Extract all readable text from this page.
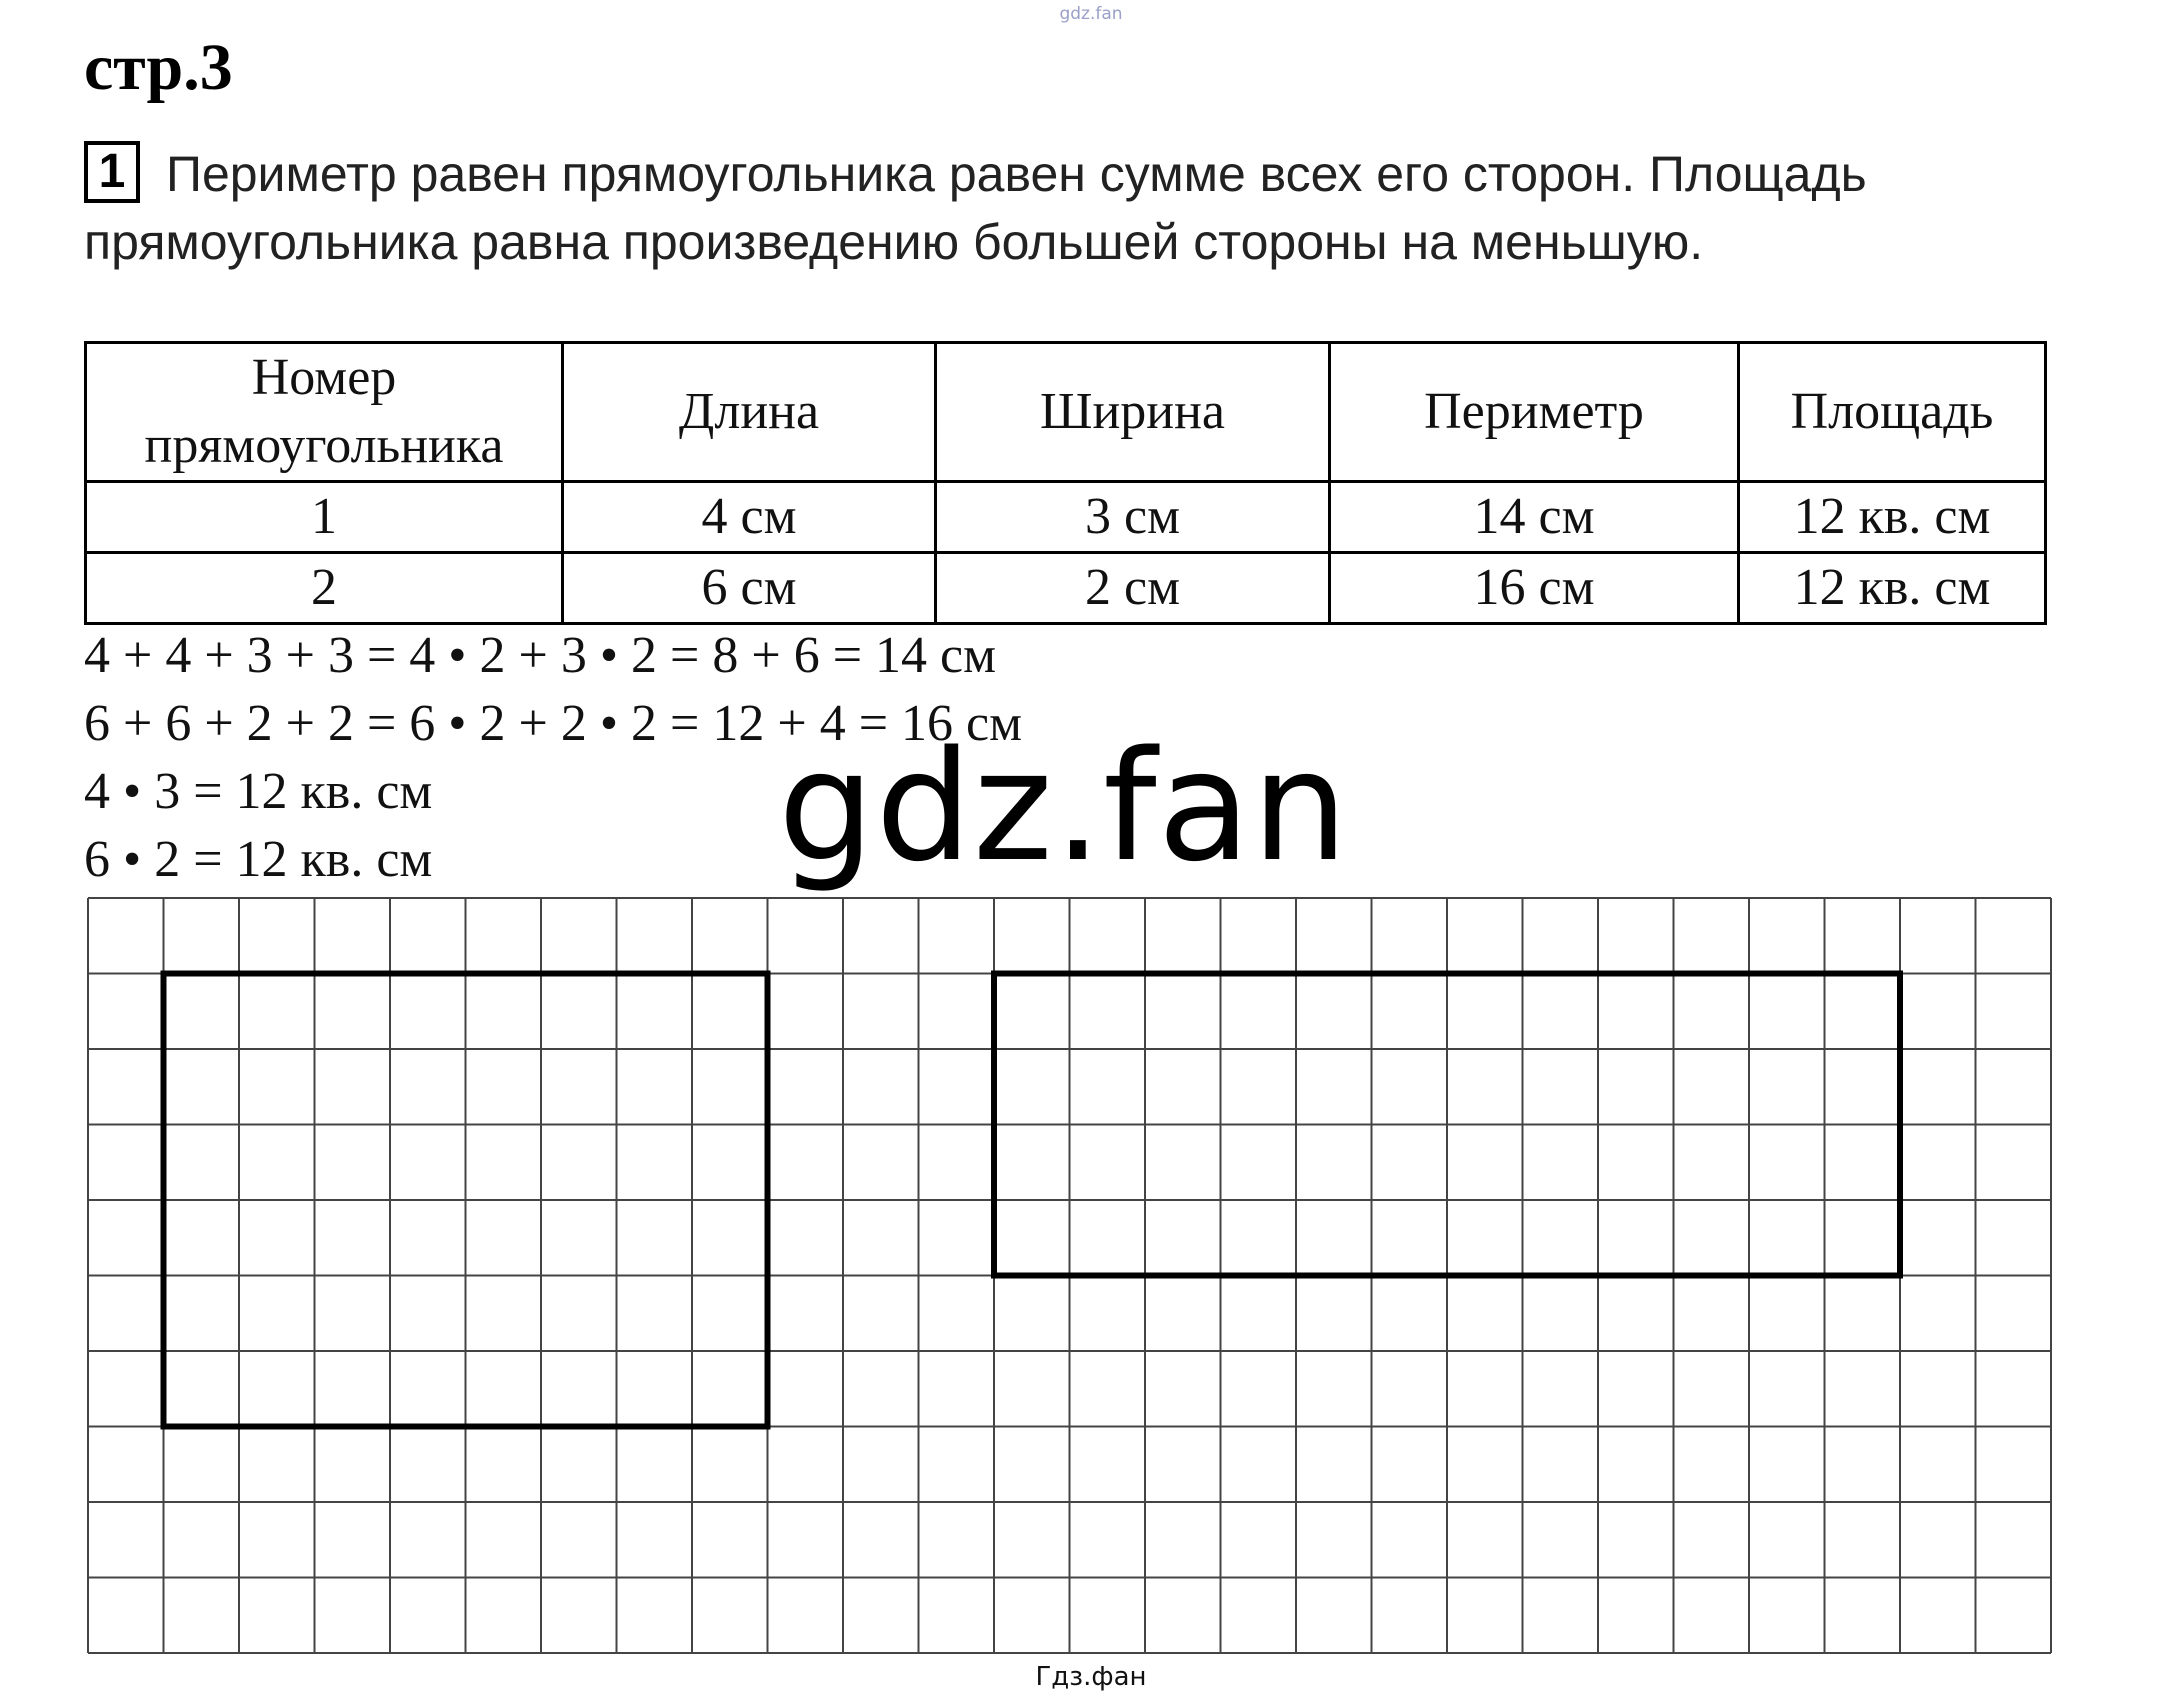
gdz.fan
стр.3
1 Периметр равен прямоугольника равен сумме всех его сторон. Площадь прямоугольника равна произведению большей стороны на меньшую.
Номер прямоугольника	Длина	Ширина	Периметр	Площадь
1	4 см	3 см	14 см	12 кв. см
2	6 см	2 см	16 см	12 кв. см
4 + 4 + 3 + 3 = 4 • 2 + 3 • 2 = 8 + 6 = 14 см
6 + 6 + 2 + 2 = 6 • 2 + 2 • 2 = 12 + 4 = 16 см
4 • 3 = 12 кв. см
6 • 2 = 12 кв. см	gdz.fan
Гдз.фан
